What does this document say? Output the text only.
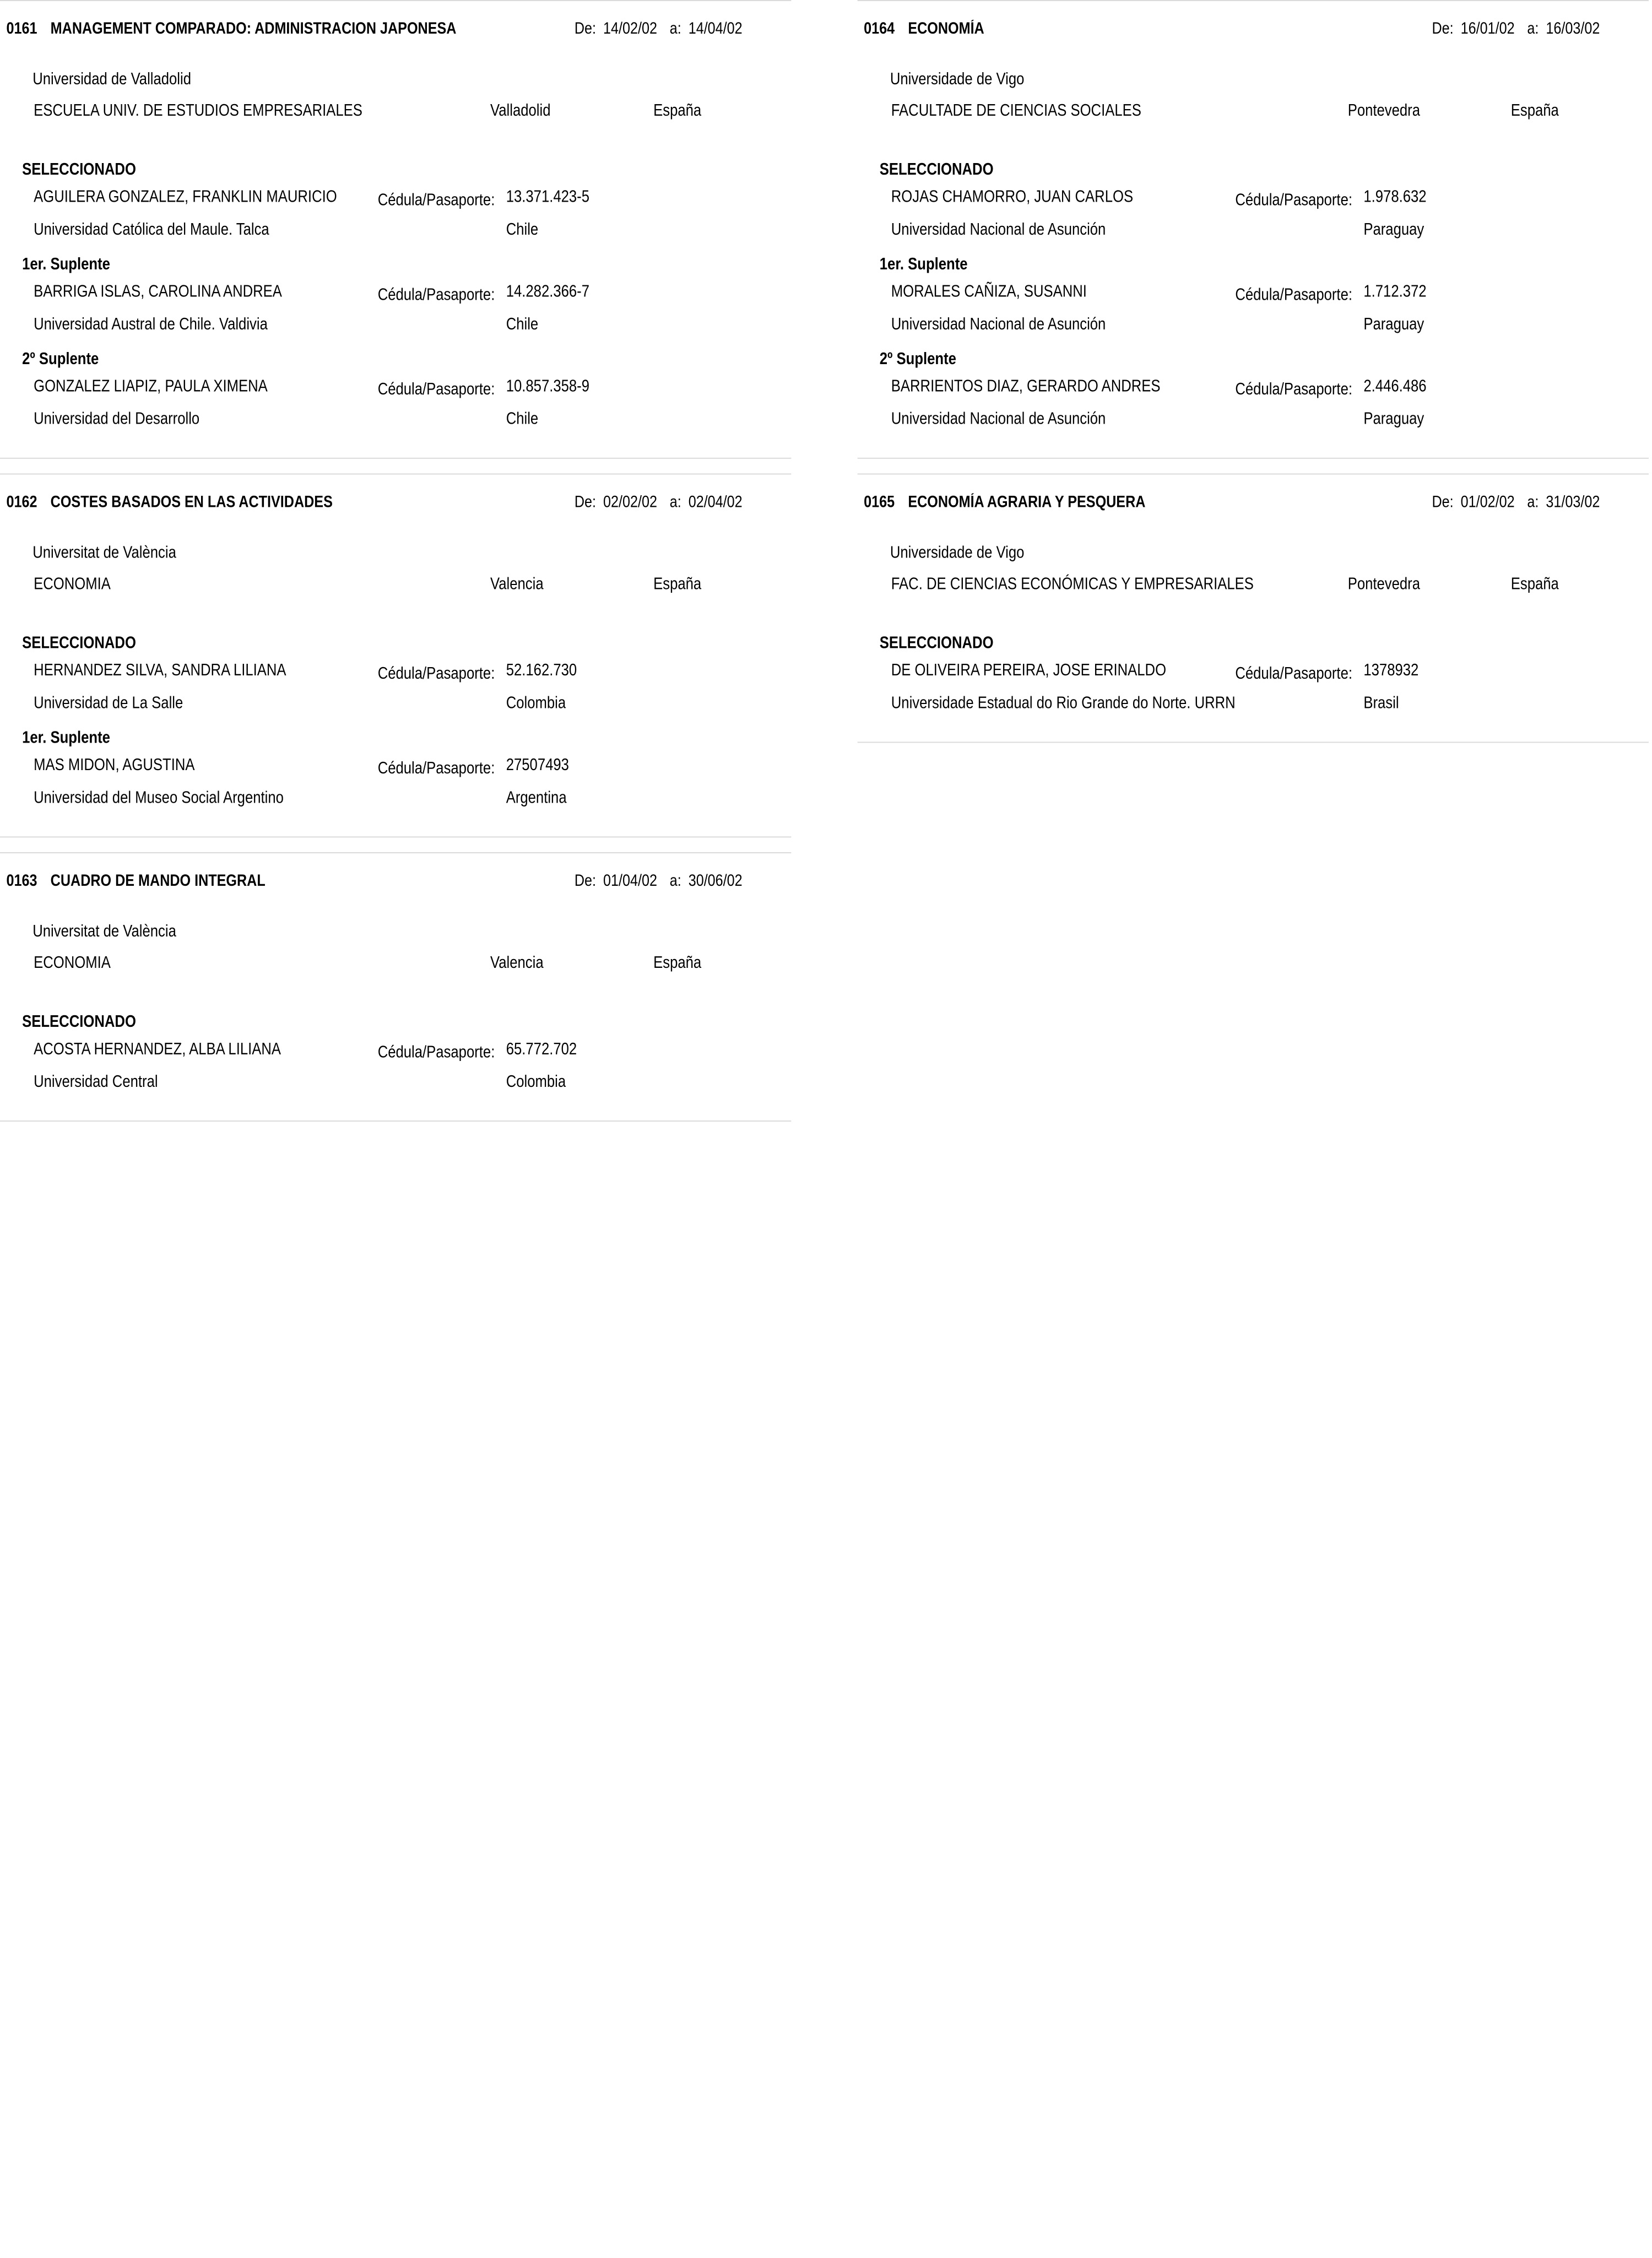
0161 MANAGEMENT COMPARADO: ADMINISTRACION JAPONESA	De: 14/02/02 a: 14/04/02
Universidad de Valladolid
ESCUELA UNIV. DE ESTUDIOS EMPRESARIALES	Valladolid	España
SELECCIONADO
AGUILERA GONZALEZ, FRANKLIN MAURICIO	Cédula/Pasaporte: 13.371.423-5
Universidad Católica del Maule. Talca	Chile
1er. Suplente
BARRIGA ISLAS, CAROLINA ANDREA	Cédula/Pasaporte: 14.282.366-7
Universidad Austral de Chile. Valdivia	Chile
2º Suplente
GONZALEZ LIAPIZ, PAULA XIMENA	Cédula/Pasaporte: 10.857.358-9
Universidad del Desarrollo	Chile
0162 COSTES BASADOS EN LAS ACTIVIDADES	De: 02/02/02 a: 02/04/02
Universitat de València
ECONOMIA	Valencia	España
SELECCIONADO
HERNANDEZ SILVA, SANDRA LILIANA	Cédula/Pasaporte: 52.162.730
Universidad de La Salle	Colombia
1er. Suplente
MAS MIDON, AGUSTINA	Cédula/Pasaporte: 27507493
Universidad del Museo Social Argentino	Argentina
0163 CUADRO DE MANDO INTEGRAL	De: 01/04/02 a: 30/06/02
Universitat de València
ECONOMIA	Valencia	España
SELECCIONADO
ACOSTA HERNANDEZ, ALBA LILIANA	Cédula/Pasaporte: 65.772.702
Universidad Central	Colombia
0164 ECONOMÍA	De: 16/01/02 a: 16/03/02
Universidade de Vigo
FACULTADE DE CIENCIAS SOCIALES	Pontevedra	España
SELECCIONADO
ROJAS CHAMORRO, JUAN CARLOS	Cédula/Pasaporte: 1.978.632
Universidad Nacional de Asunción	Paraguay
1er. Suplente
MORALES CAÑIZA, SUSANNI	Cédula/Pasaporte: 1.712.372
Universidad Nacional de Asunción	Paraguay
2º Suplente
BARRIENTOS DIAZ, GERARDO ANDRES	Cédula/Pasaporte: 2.446.486
Universidad Nacional de Asunción	Paraguay
0165 ECONOMÍA AGRARIA Y PESQUERA	De: 01/02/02 a: 31/03/02
Universidade de Vigo
FAC. DE CIENCIAS ECONÓMICAS Y EMPRESARIALES	Pontevedra	España
SELECCIONADO
DE OLIVEIRA PEREIRA, JOSE ERINALDO	Cédula/Pasaporte: 1378932
Universidade Estadual do Rio Grande do Norte. URRN	Brasil
